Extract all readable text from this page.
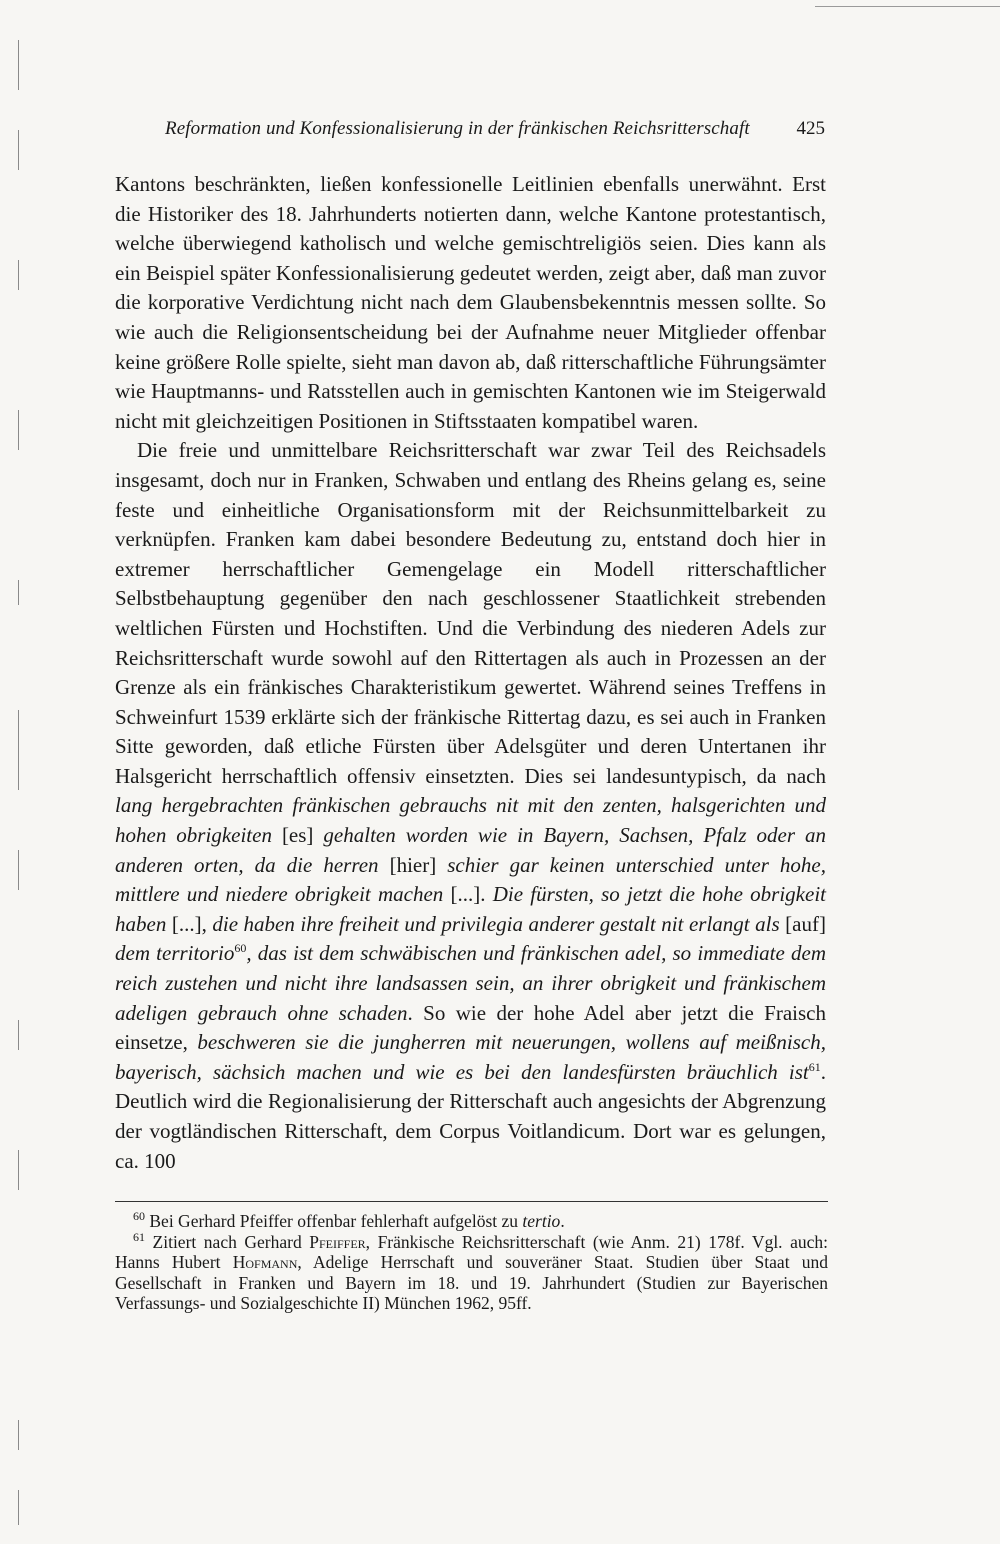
Reformation und Konfessionalisierung in der fränkischen Reichsritterschaft 425

Kantons beschränkten, ließen konfessionelle Leitlinien ebenfalls unerwähnt. Erst die Historiker des 18. Jahrhunderts notierten dann, welche Kantone protestantisch, welche überwiegend katholisch und welche gemischtreligiös seien. Dies kann als ein Beispiel später Konfessionalisierung gedeutet werden, zeigt aber, daß man zuvor die korporative Verdichtung nicht nach dem Glaubensbekenntnis messen sollte. So wie auch die Religionsentscheidung bei der Aufnahme neuer Mitglieder offenbar keine größere Rolle spielte, sieht man davon ab, daß ritterschaftliche Führungsämter wie Hauptmanns- und Ratsstellen auch in gemischten Kantonen wie im Steigerwald nicht mit gleichzeitigen Positionen in Stiftsstaaten kompatibel waren.

Die freie und unmittelbare Reichsritterschaft war zwar Teil des Reichsadels insgesamt, doch nur in Franken, Schwaben und entlang des Rheins gelang es, seine feste und einheitliche Organisationsform mit der Reichsunmittelbarkeit zu verknüpfen. Franken kam dabei besondere Bedeutung zu, entstand doch hier in extremer herrschaftlicher Gemengelage ein Modell ritterschaftlicher Selbstbehauptung gegenüber den nach geschlossener Staatlichkeit strebenden weltlichen Fürsten und Hochstiften. Und die Verbindung des niederen Adels zur Reichsritterschaft wurde sowohl auf den Rittertagen als auch in Prozessen an der Grenze als ein fränkisches Charakteristikum gewertet. Während seines Treffens in Schweinfurt 1539 erklärte sich der fränkische Rittertag dazu, es sei auch in Franken Sitte geworden, daß etliche Fürsten über Adelsgüter und deren Untertanen ihr Halsgericht herrschaftlich offensiv einsetzten. Dies sei landesuntypisch, da nach lang hergebrachten fränkischen gebrauchs nit mit den zenten, halsgerichten und hohen obrigkeiten [es] gehalten worden wie in Bayern, Sachsen, Pfalz oder an anderen orten, da die herren [hier] schier gar keinen unterschied unter hohe, mittlere und niedere obrigkeit machen [...]. Die fürsten, so jetzt die hohe obrigkeit haben [...], die haben ihre freiheit und privilegia anderer gestalt nit erlangt als [auf] dem territorio$^{60}$, das ist dem schwäbischen und fränkischen adel, so immediate dem reich zustehen und nicht ihre landsassen sein, an ihrer obrigkeit und fränkischem adeligen gebrauch ohne schaden. So wie der hohe Adel aber jetzt die Fraisch einsetze, beschweren sie die jungherren mit neuerungen, wollens auf meißnisch, bayerisch, sächsich machen und wie es bei den landesfürsten bräuchlich ist$^{61}$. Deutlich wird die Regionalisierung der Ritterschaft auch angesichts der Abgrenzung der vogtländischen Ritterschaft, dem Corpus Voitlandicum. Dort war es gelungen, ca. 100

$^{60}$ Bei Gerhard Pfeiffer offenbar fehlerhaft aufgelöst zu tertio.

$^{61}$ Zitiert nach Gerhard Pfeiffer, Fränkische Reichsritterschaft (wie Anm. 21) 178f. Vgl. auch: Hanns Hubert Hofmann, Adelige Herrschaft und souveräner Staat. Studien über Staat und Gesellschaft in Franken und Bayern im 18. und 19. Jahrhundert (Studien zur Bayerischen Verfassungs- und Sozialgeschichte II) München 1962, 95ff.
